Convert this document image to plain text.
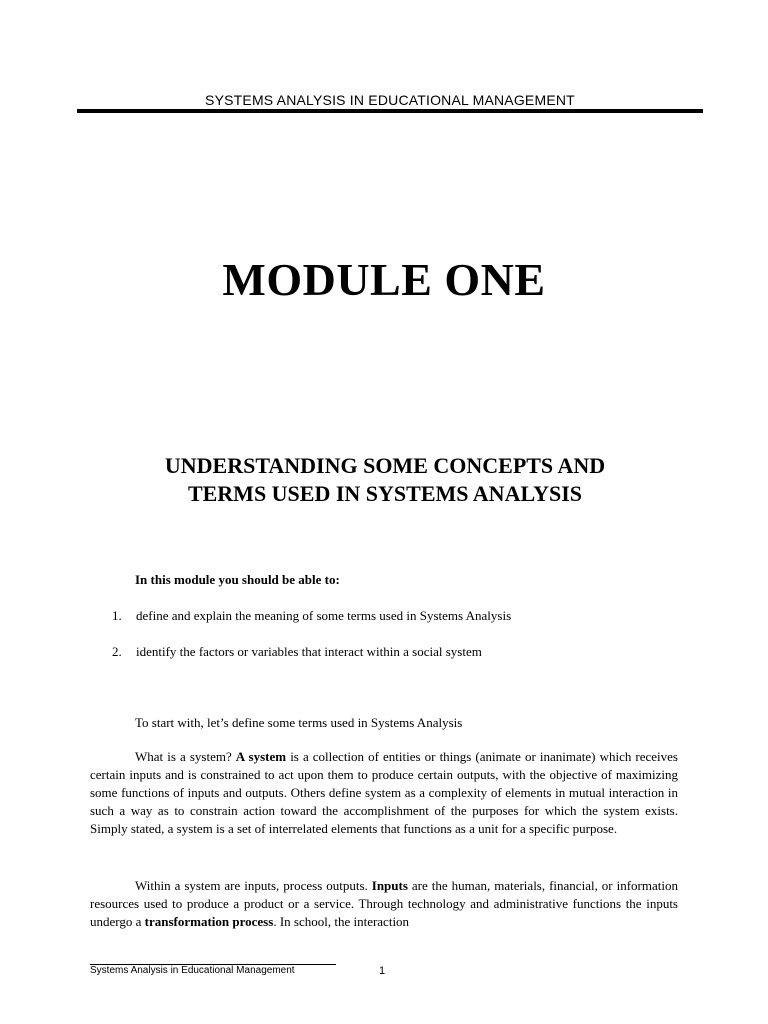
SYSTEMS ANALYSIS IN EDUCATIONAL MANAGEMENT
MODULE ONE
UNDERSTANDING SOME CONCEPTS AND
TERMS USED IN SYSTEMS ANALYSIS
In this module you should be able to:
1. define and explain the meaning of some terms used in Systems Analysis
2. identify the factors or variables that interact within a social system
To start with, let’s define some terms used in Systems Analysis

What is a system? A system is a collection of entities or things (animate or inanimate) which receives certain inputs and is constrained to act upon them to produce certain outputs, with the objective of maximizing some functions of inputs and outputs. Others define system as a complexity of elements in mutual interaction in such a way as to constrain action toward the accomplishment of the purposes for which the system exists. Simply stated, a system is a set of interrelated elements that functions as a unit for a specific purpose.

Within a system are inputs, process outputs. Inputs are the human, materials, financial, or information resources used to produce a product or a service. Through technology and administrative functions the inputs undergo a transformation process. In school, the interaction

Systems Analysis in Educational Management	1
